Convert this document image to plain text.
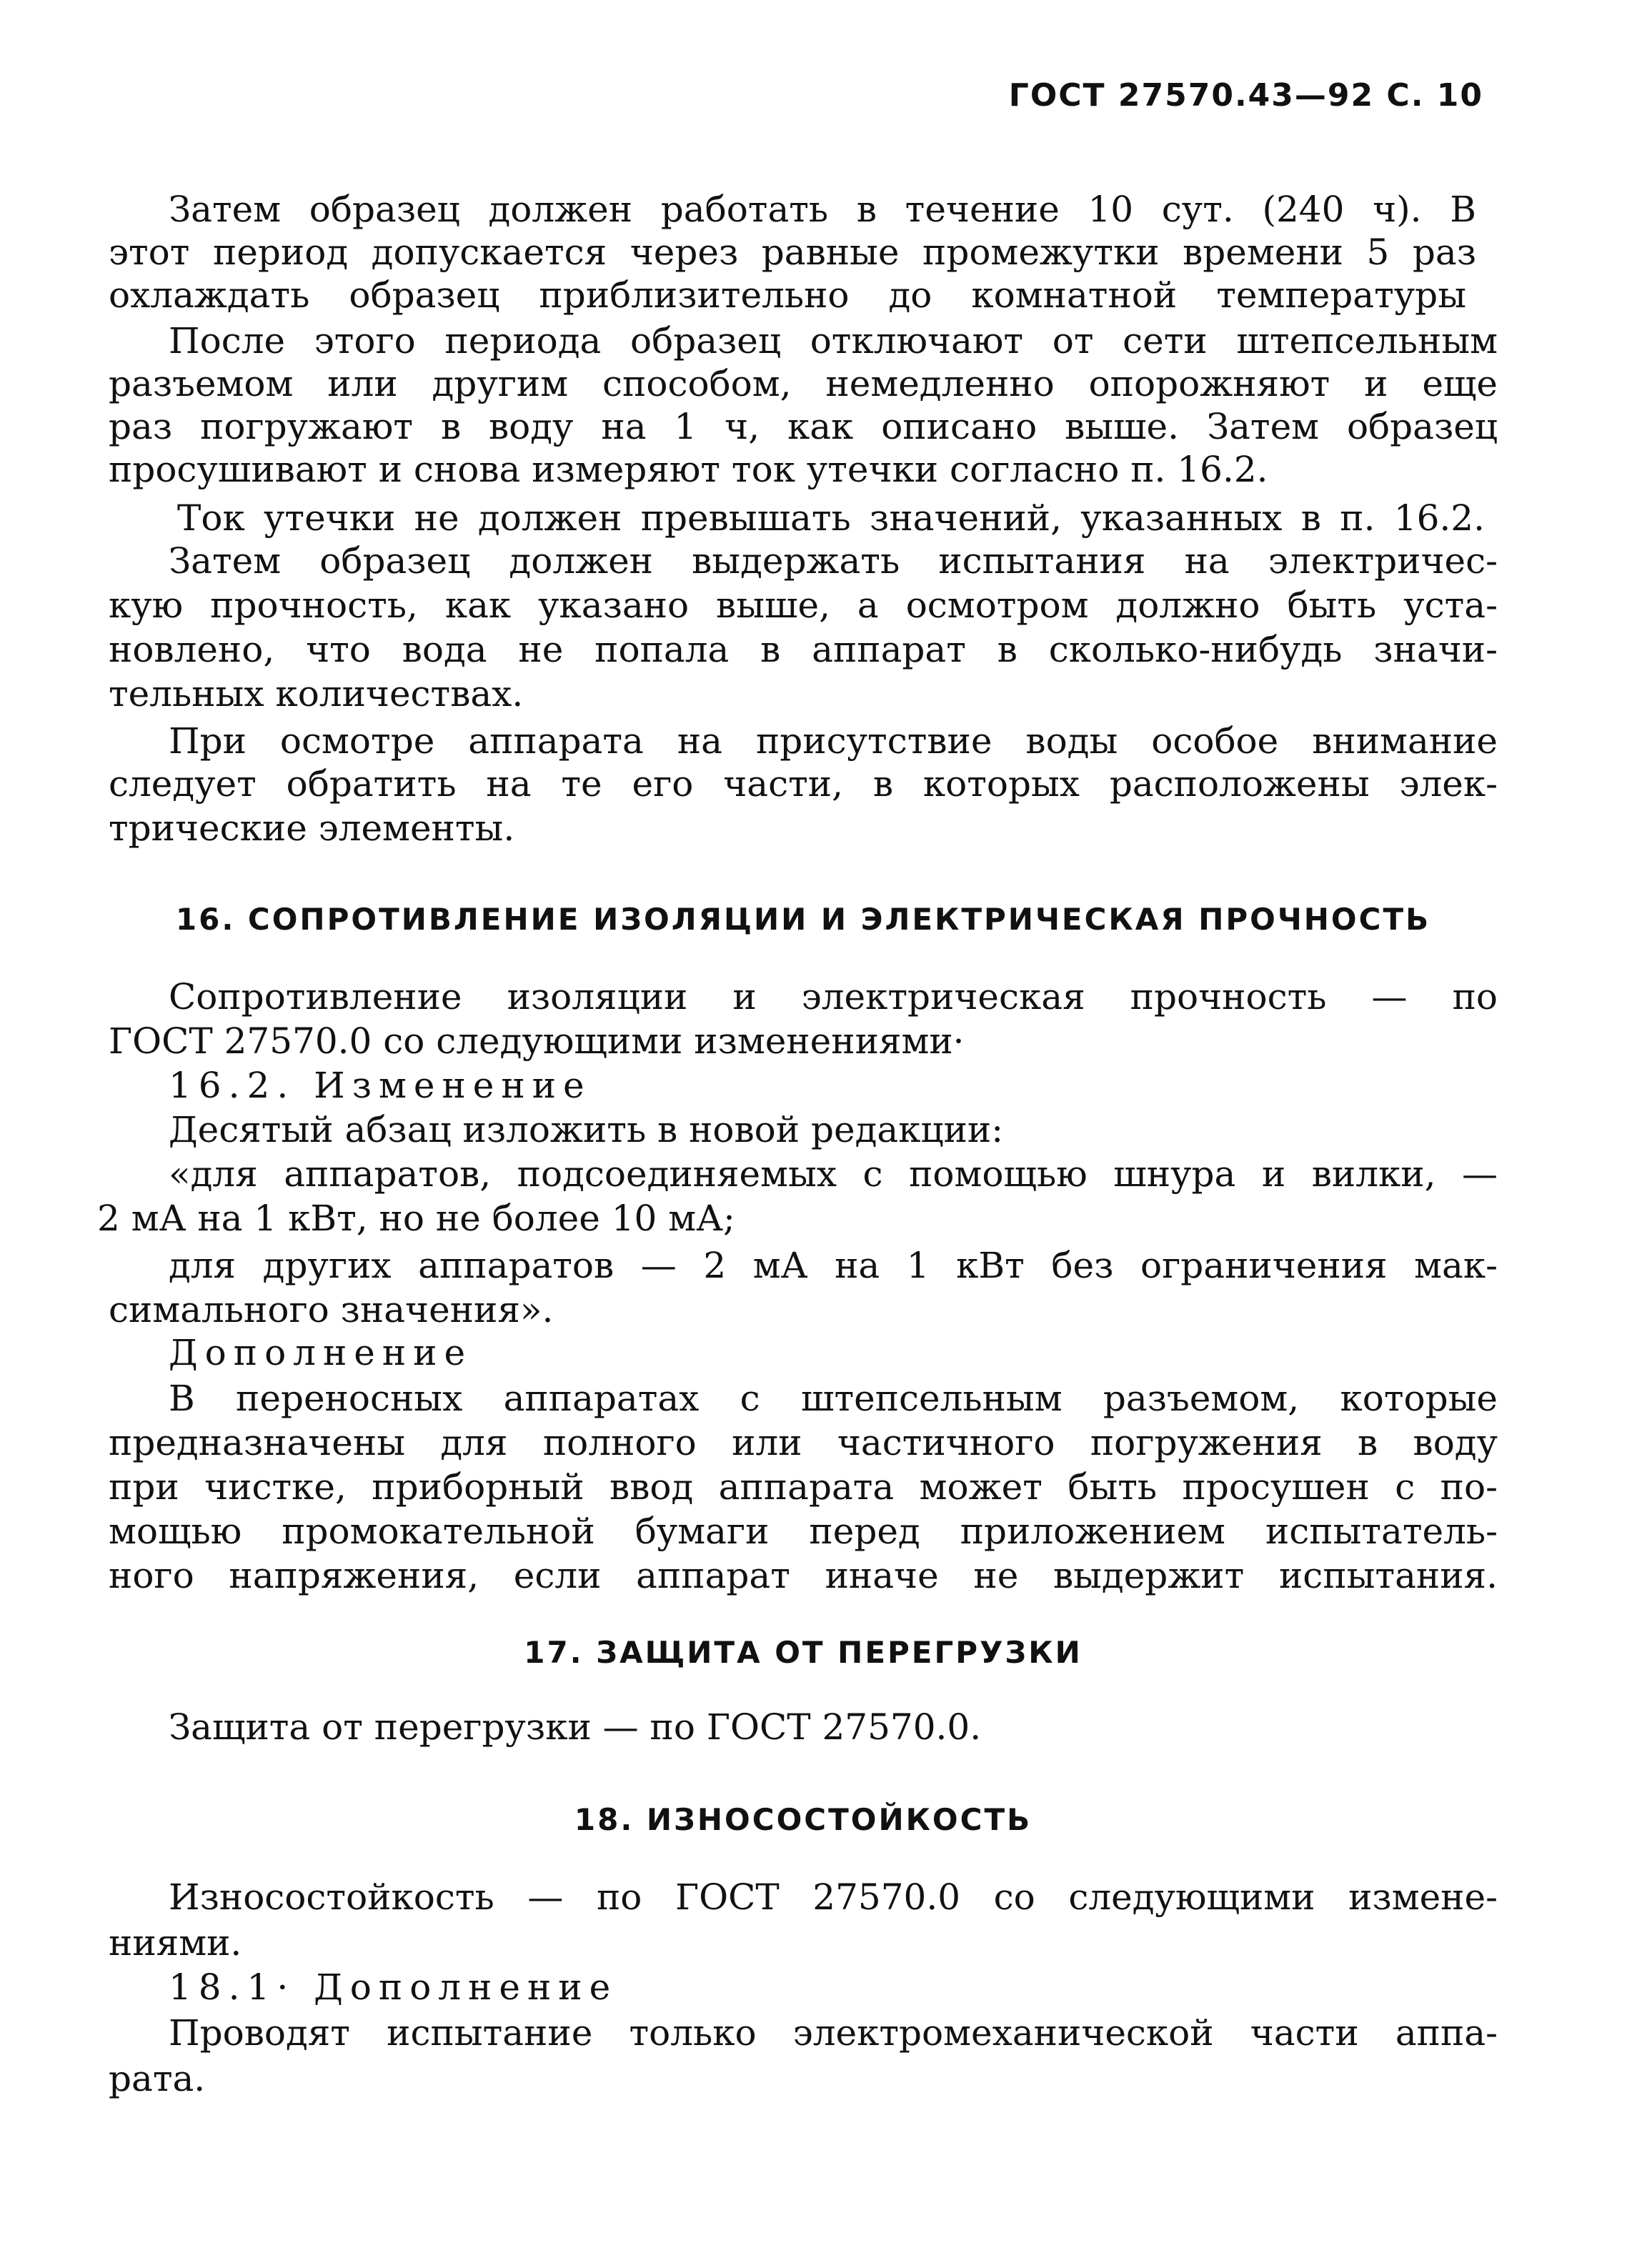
ГОСТ 27570.43—92 С. 10
Затем образец должен работать в течение 10 сут. (240 ч). В
этот период допускается через равные промежутки времени 5 раз
охлаждать образец приблизительно до комнатной температуры
После этого периода образец отключают от сети штепсельным
разъемом или другим способом, немедленно опорожняют и еще
раз погружают в воду на 1 ч, как описано выше. Затем образец
просушивают и снова измеряют ток утечки согласно п. 16.2.
Ток утечки не должен превышать значений, указанных в п. 16.2.
Затем образец должен выдержать испытания на электричес-
кую прочность, как указано выше, а осмотром должно быть уста-
новлено, что вода не попала в аппарат в сколько-нибудь значи-
тельных количествах.
При осмотре аппарата на присутствие воды особое внимание
следует обратить на те его части, в которых расположены элек-
трические элементы.
16. СОПРОТИВЛЕНИЕ ИЗОЛЯЦИИ И ЭЛЕКТРИЧЕСКАЯ ПРОЧНОСТЬ
Сопротивление изоляции и электрическая прочность — по
ГОСТ 27570.0 со следующими изменениями·
16.2. Изменение
Десятый абзац изложить в новой редакции:
«для аппаратов, подсоединяемых с помощью шнура и вилки, —
2 мА на 1 кВт, но не более 10 мА;
для других аппаратов — 2 мА на 1 кВт без ограничения мак-
симального значения».
Дополнение
В переносных аппаратах с штепсельным разъемом, которые
предназначены для полного или частичного погружения в воду
при чистке, приборный ввод аппарата может быть просушен с по-
мощью промокательной бумаги перед приложением испытатель-
ного напряжения, если аппарат иначе не выдержит испытания.
17. ЗАЩИТА ОТ ПЕРЕГРУЗКИ
Защита от перегрузки — по ГОСТ 27570.0.
18. ИЗНОСОСТОЙКОСТЬ
Износостойкость — по ГОСТ 27570.0 со следующими измене-
ниями.
18.1· Дополнение
Проводят испытание только электромеханической части аппа-
рата.
